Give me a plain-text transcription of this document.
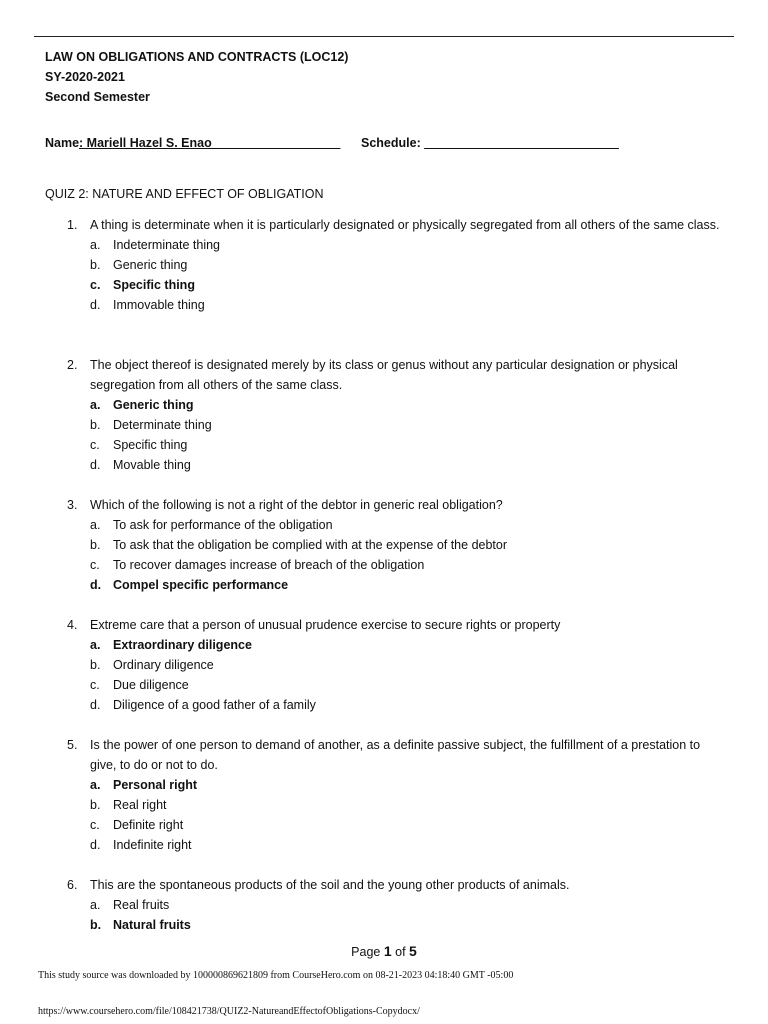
LAW ON OBLIGATIONS AND CONTRACTS (LOC12)
SY-2020-2021
Second Semester
Name: Mariell Hazel S. Enao __________________ Schedule: ____________________________
QUIZ 2: NATURE AND EFFECT OF OBLIGATION
1.	A thing is determinate when it is particularly designated or physically segregated from all others of the same class.
a. Indeterminate thing
b. Generic thing
c. Specific thing
d. Immovable thing
2.	The object thereof is designated merely by its class or genus without any particular designation or physical segregation from all others of the same class.
a. Generic thing
b. Determinate thing
c. Specific thing
d. Movable thing
3.	Which of the following is not a right of the debtor in generic real obligation?
a. To ask for performance of the obligation
b. To ask that the obligation be complied with at the expense of the debtor
c. To recover damages increase of breach of the obligation
d. Compel specific performance
4.	Extreme care that a person of unusual prudence exercise to secure rights or property
a. Extraordinary diligence
b. Ordinary diligence
c. Due diligence
d. Diligence of a good father of a family
5.	Is the power of one person to demand of another, as a definite passive subject, the fulfillment of a prestation to give, to do or not to do.
a. Personal right
b. Real right
c. Definite right
d. Indefinite right
6.	This are the spontaneous products of the soil and the young other products of animals.
a. Real fruits
b. Natural fruits
Page 1 of 5
This study source was downloaded by 100000869621809 from CourseHero.com on 08-21-2023 04:18:40 GMT -05:00
https://www.coursehero.com/file/108421738/QUIZ2-NatureandEffectofObligations-Copydocx/
